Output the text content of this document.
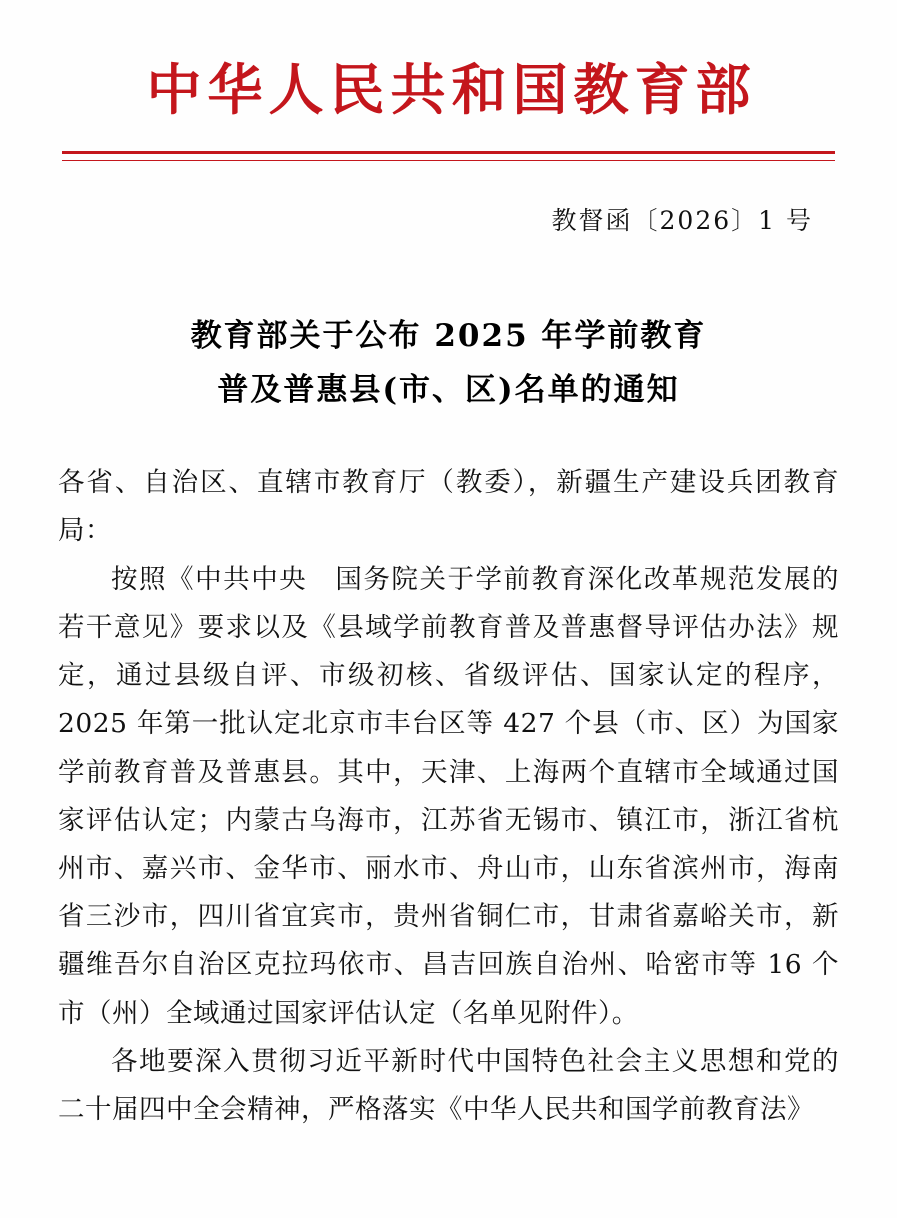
中华人民共和国教育部
教督函〔2026〕1 号
教育部关于公布 2025 年学前教育
普及普惠县(市、区)名单的通知

各省、自治区、直辖市教育厅（教委），新疆生产建设兵团教育局：

按照《中共中央　国务院关于学前教育深化改革规范发展的若干意见》要求以及《县域学前教育普及普惠督导评估办法》规定，通过县级自评、市级初核、省级评估、国家认定的程序，2025 年第一批认定北京市丰台区等 427 个县（市、区）为国家学前教育普及普惠县。其中，天津、上海两个直辖市全域通过国家评估认定；内蒙古乌海市，江苏省无锡市、镇江市，浙江省杭州市、嘉兴市、金华市、丽水市、舟山市，山东省滨州市，海南省三沙市，四川省宜宾市，贵州省铜仁市，甘肃省嘉峪关市，新疆维吾尔自治区克拉玛依市、昌吉回族自治州、哈密市等 16 个市（州）全域通过国家评估认定（名单见附件）。

各地要深入贯彻习近平新时代中国特色社会主义思想和党的二十届四中全会精神，严格落实《中华人民共和国学前教育法》
